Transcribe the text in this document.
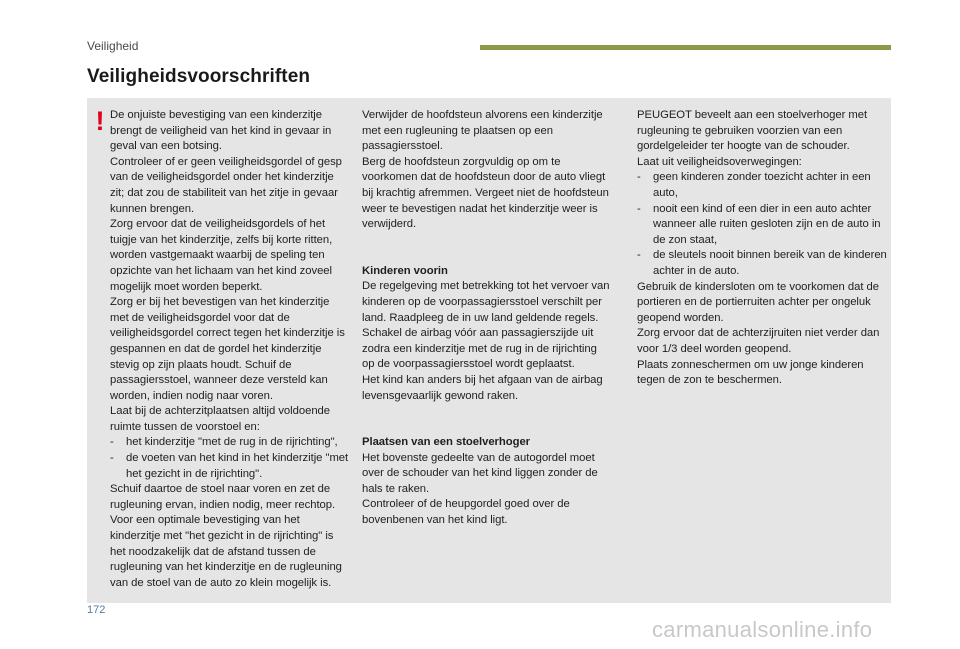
Veiligheid
Veiligheidsvoorschriften
! De onjuiste bevestiging van een kinderzitje brengt de veiligheid van het kind in gevaar in geval van een botsing.

Controleer of er geen veiligheidsgordel of gesp van de veiligheidsgordel onder het kinderzitje zit; dat zou de stabiliteit van het zitje in gevaar kunnen brengen.

Zorg ervoor dat de veiligheidsgordels of het tuigje van het kinderzitje, zelfs bij korte ritten, worden vastgemaakt waarbij de speling ten opzichte van het lichaam van het kind zoveel mogelijk moet worden beperkt.

Zorg er bij het bevestigen van het kinderzitje met de veiligheidsgordel voor dat de veiligheidsgordel correct tegen het kinderzitje is gespannen en dat de gordel het kinderzitje stevig op zijn plaats houdt. Schuif de passagiersstoel, wanneer deze versteld kan worden, indien nodig naar voren.

Laat bij de achterzitplaatsen altijd voldoende ruimte tussen de voorstoel en:

- het kinderzitje "met de rug in de rijrichting",
- de voeten van het kind in het kinderzitje "met het gezicht in de rijrichting".

Schuif daartoe de stoel naar voren en zet de rugleuning ervan, indien nodig, meer rechtop.

Voor een optimale bevestiging van het kinderzitje met "het gezicht in de rijrichting" is het noodzakelijk dat de afstand tussen de rugleuning van het kinderzitje en de rugleuning van de stoel van de auto zo klein mogelijk is.

Verwijder de hoofdsteun alvorens een kinderzitje met een rugleuning te plaatsen op een passagiersstoel.

Berg de hoofdsteun zorgvuldig op om te voorkomen dat de hoofdsteun door de auto vliegt bij krachtig afremmen. Vergeet niet de hoofdsteun weer te bevestigen nadat het kinderzitje weer is verwijderd.

Kinderen voorin

De regelgeving met betrekking tot het vervoer van kinderen op de voorpassagiersstoel verschilt per land. Raadpleeg de in uw land geldende regels.

Schakel de airbag vóór aan passagierszijde uit zodra een kinderzitje met de rug in de rijrichting op de voorpassagiersstoel wordt geplaatst.

Het kind kan anders bij het afgaan van de airbag levensgevaarlijk gewond raken.

Plaatsen van een stoelverhoger

Het bovenste gedeelte van de autogordel moet over de schouder van het kind liggen zonder de hals te raken.

Controleer of de heupgordel goed over de bovenbenen van het kind ligt.

PEUGEOT beveelt aan een stoelverhoger met rugleuning te gebruiken voorzien van een gordelgeleider ter hoogte van de schouder.

Laat uit veiligheidsoverwegingen:

- geen kinderen zonder toezicht achter in een auto,
- nooit een kind of een dier in een auto achter wanneer alle ruiten gesloten zijn en de auto in de zon staat,
- de sleutels nooit binnen bereik van de kinderen achter in de auto.

Gebruik de kindersloten om te voorkomen dat de portieren en de portierruiten achter per ongeluk geopend worden.

Zorg ervoor dat de achterzijruiten niet verder dan voor 1/3 deel worden geopend.

Plaats zonneschermen om uw jonge kinderen tegen de zon te beschermen.

172
carmanualsonline.info
